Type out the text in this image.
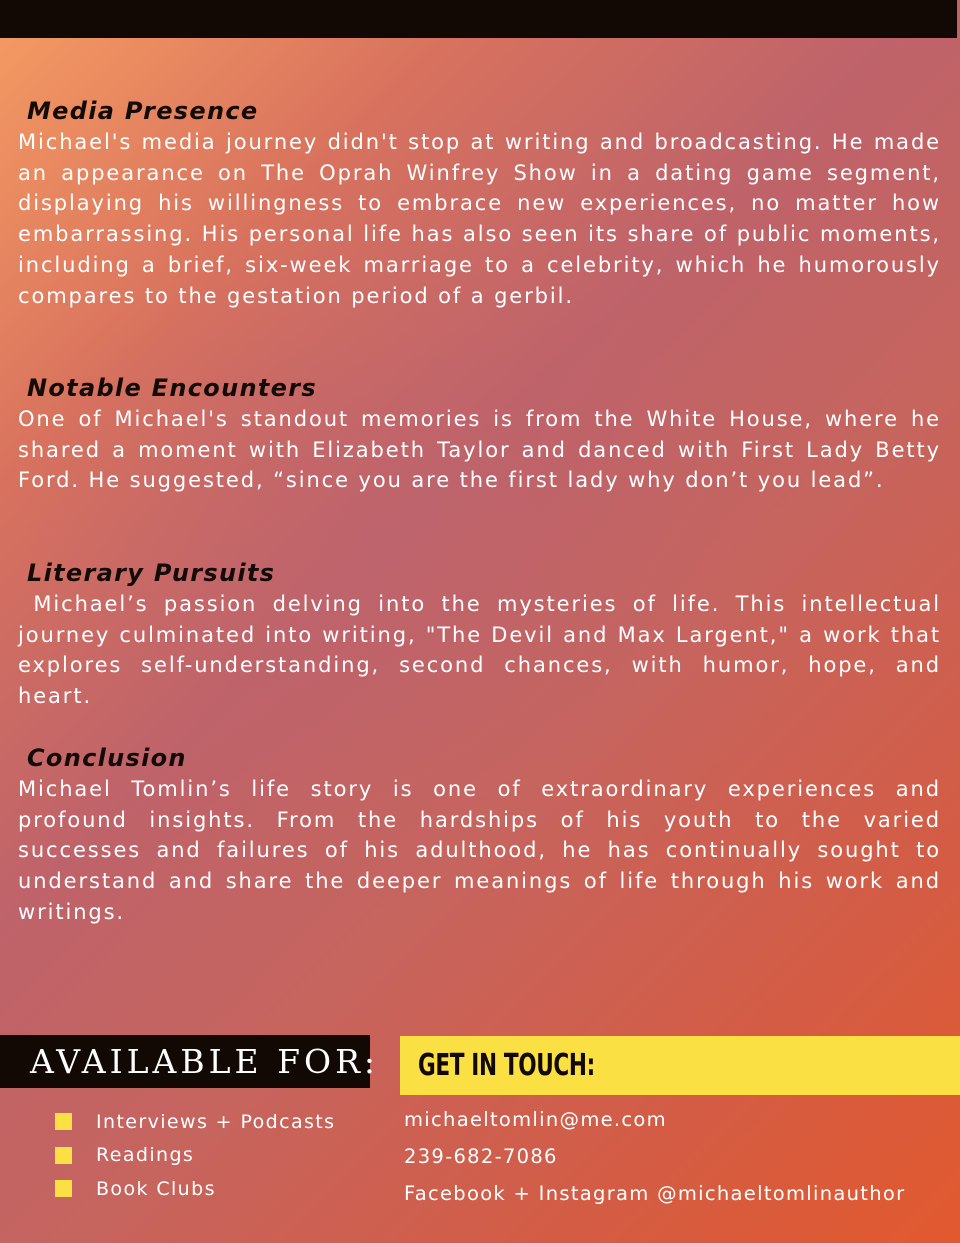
Media Presence

Michael's media journey didn't stop at writing and broadcasting. He made an appearance on The Oprah Winfrey Show in a dating game segment, displaying his willingness to embrace new experiences, no matter how embarrassing. His personal life has also seen its share of public moments, including a brief, six-week marriage to a celebrity, which he humorously compares to the gestation period of a gerbil.

Notable Encounters

One of Michael's standout memories is from the White House, where he shared a moment with Elizabeth Taylor and danced with First Lady Betty Ford. He suggested, “since you are the first lady why don’t you lead”.

Literary Pursuits

Michael’s passion delving into the mysteries of life. This intellectual journey culminated into writing, "The Devil and Max Largent," a work that explores self-understanding, second chances, with humor, hope, and heart.

Conclusion

Michael Tomlin’s life story is one of extraordinary experiences and profound insights. From the hardships of his youth to the varied successes and failures of his adulthood, he has continually sought to understand and share the deeper meanings of life through his work and writings.

AVAILABLE FOR:
Interviews + Podcasts
Readings
Book Clubs
GET IN TOUCH:

michaeltomlin@me.com

239-682-7086

Facebook + Instagram @michaeltomlinauthor
